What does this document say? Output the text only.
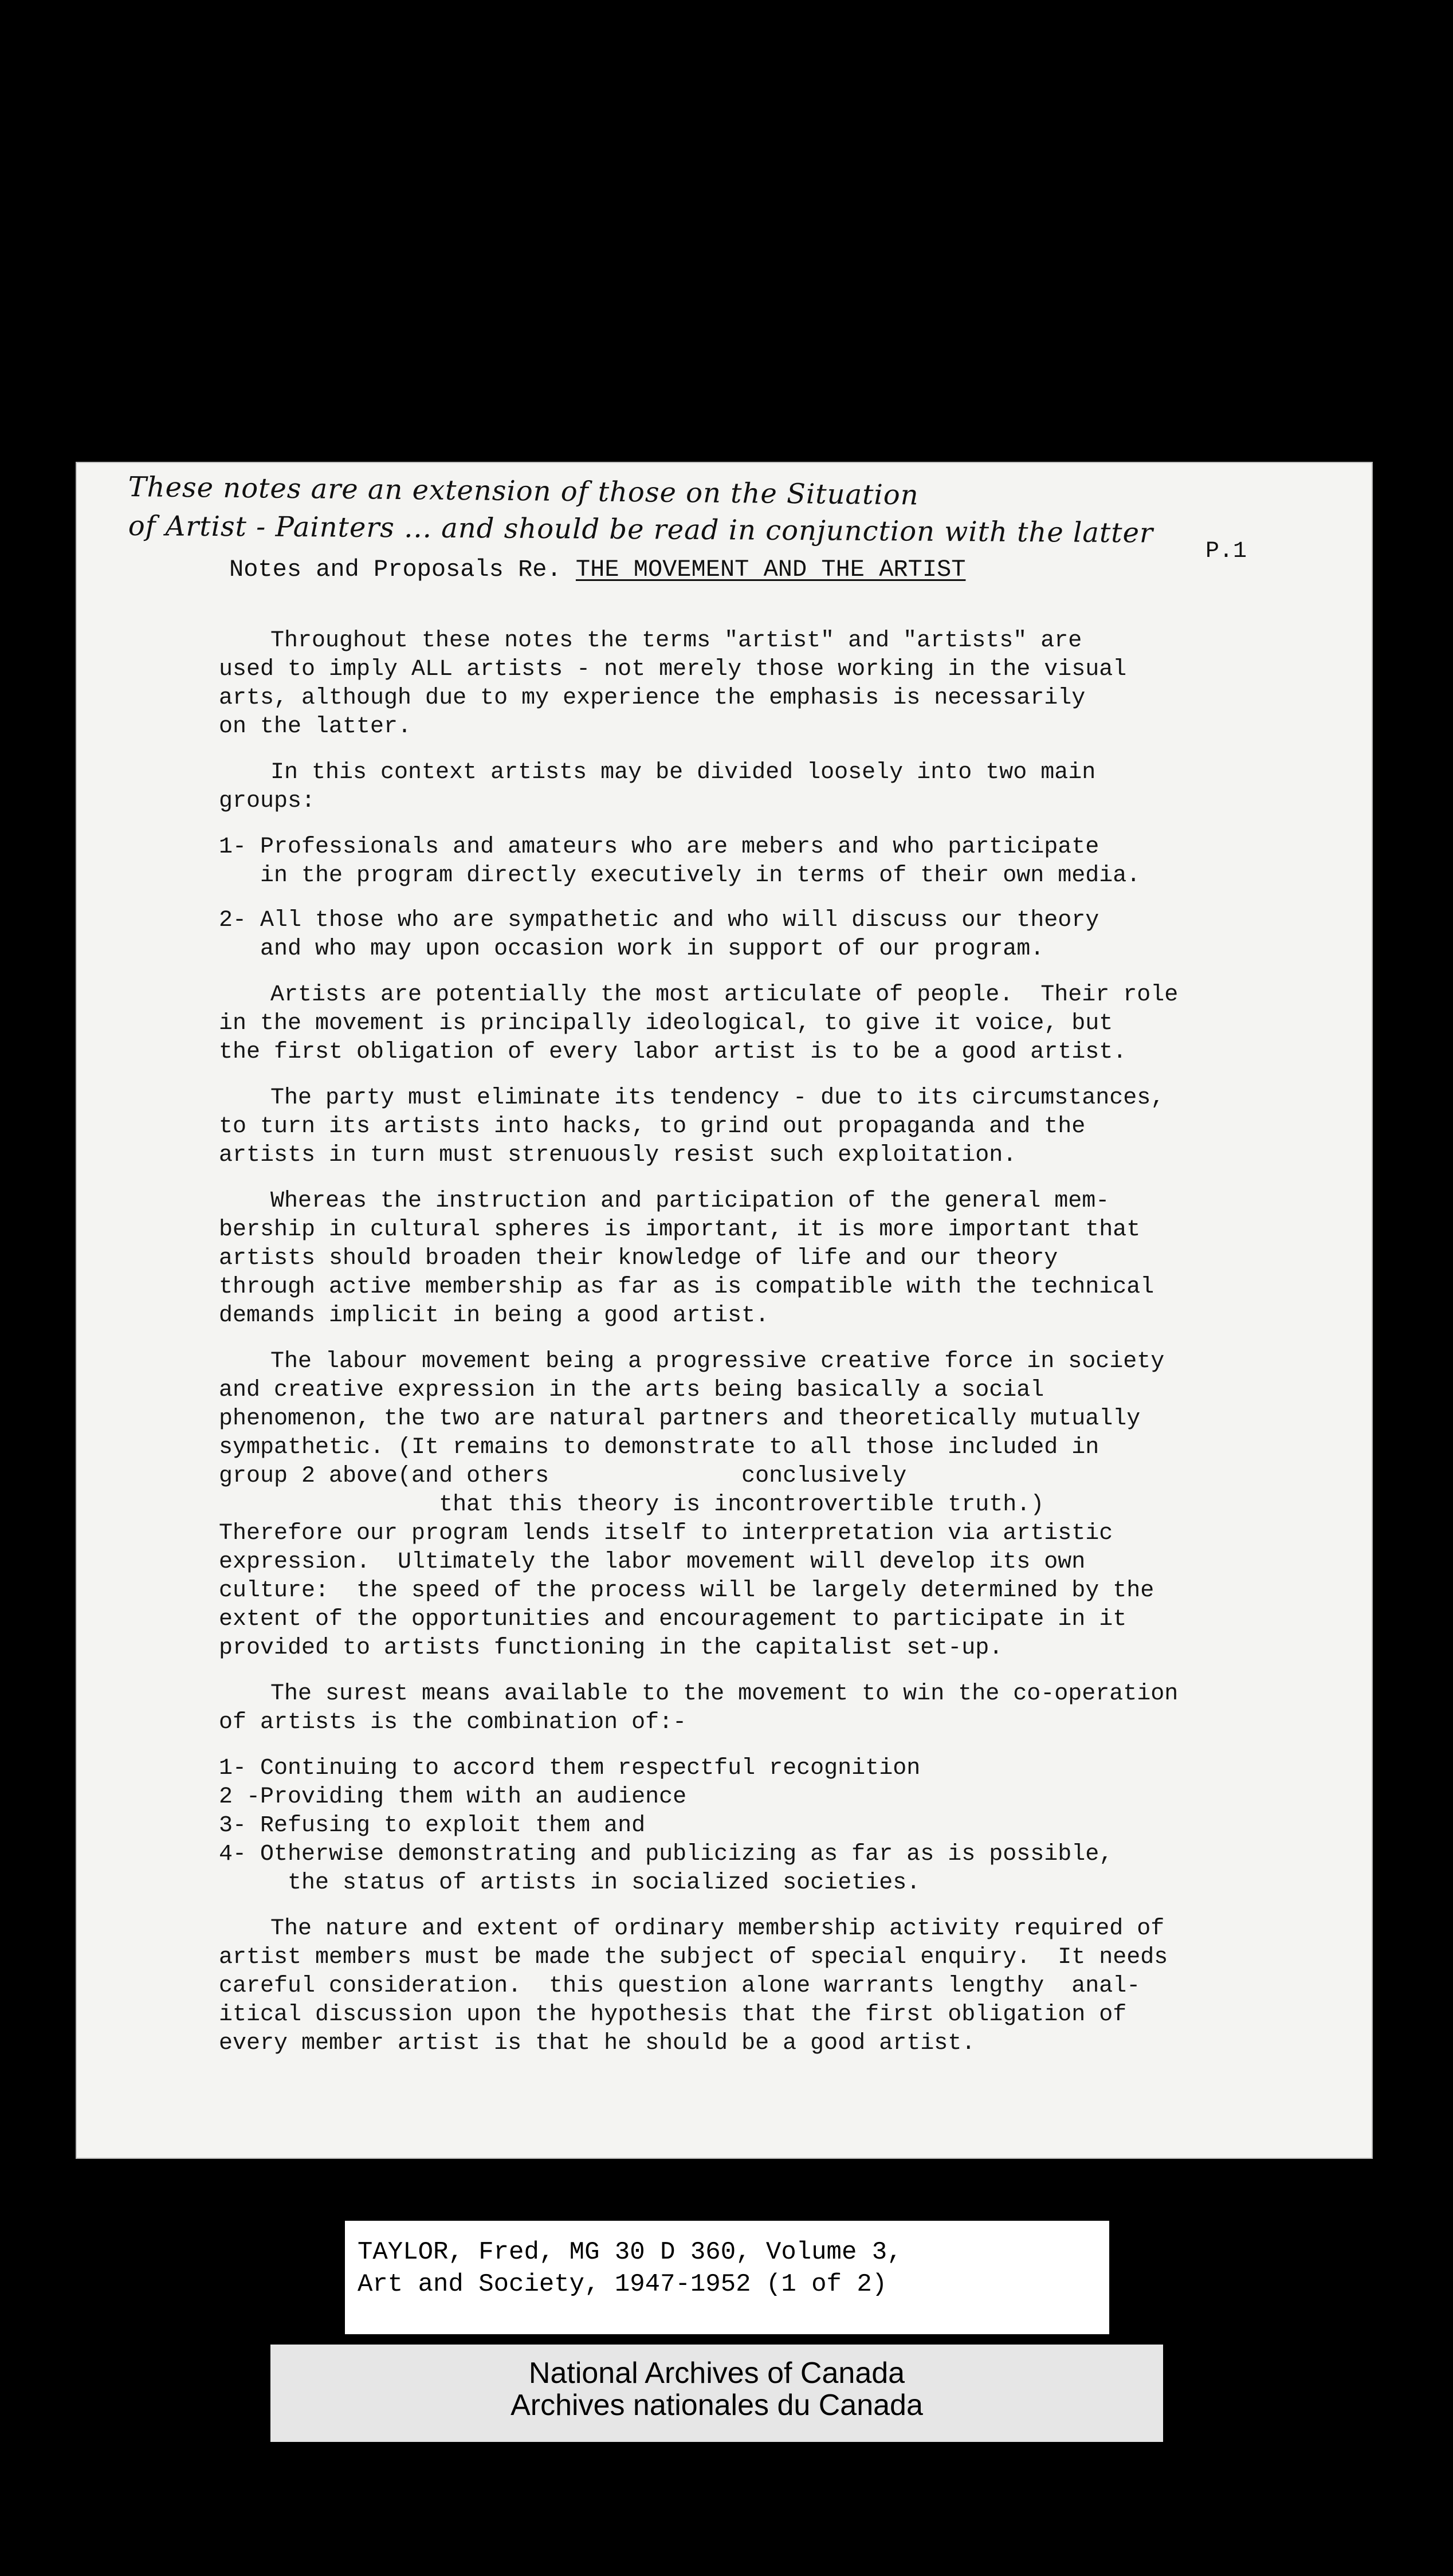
These notes are an extension of those on the Situation
of Artist - Painters ... and should be read in conjunction with the latter
P.1
Notes and Proposals Re. THE MOVEMENT AND THE ARTIST

Throughout these notes the terms "artist" and "artists" are
used to imply ALL artists - not merely those working in the visual
arts, although due to my experience the emphasis is necessarily
on the latter.

In this context artists may be divided loosely into two main
groups:

1- Professionals and amateurs who are mebers and who participate
in the program directly executively in terms of their own media.
2- All those who are sympathetic and who will discuss our theory
and who may upon occasion work in support of our program.

Artists are potentially the most articulate of people.  Their role
in the movement is principally ideological, to give it voice, but
the first obligation of every labor artist is to be a good artist.

The party must eliminate its tendency - due to its circumstances,
to turn its artists into hacks, to grind out propaganda and the
artists in turn must strenuously resist such exploitation.

Whereas the instruction and participation of the general mem-
bership in cultural spheres is important, it is more important that
artists should broaden their knowledge of life and our theory
through active membership as far as is compatible with the technical
demands implicit in being a good artist.

The labour movement being a progressive creative force in society
and creative expression in the arts being basically a social
phenomenon, the two are natural partners and theoretically mutually
sympathetic. (It remains to demonstrate to all those included in
group 2 above(and others              conclusively
that this theory is incontrovertible truth.)
Therefore our program lends itself to interpretation via artistic
expression.  Ultimately the labor movement will develop its own
culture:  the speed of the process will be largely determined by the
extent of the opportunities and encouragement to participate in it
provided to artists functioning in the capitalist set-up.

The surest means available to the movement to win the co-operation
of artists is the combination of:-

1- Continuing to accord them respectful recognition
2 -Providing them with an audience
3- Refusing to exploit them and
4- Otherwise demonstrating and publicizing as far as is possible,
the status of artists in socialized societies.

The nature and extent of ordinary membership activity required of
artist members must be made the subject of special enquiry.  It needs
careful consideration.  this question alone warrants lengthy  anal-
itical discussion upon the hypothesis that the first obligation of
every member artist is that he should be a good artist.

TAYLOR, Fred, MG 30 D 360, Volume 3,
Art and Society, 1947-1952 (1 of 2)
National Archives of Canada
Archives nationales du Canada
